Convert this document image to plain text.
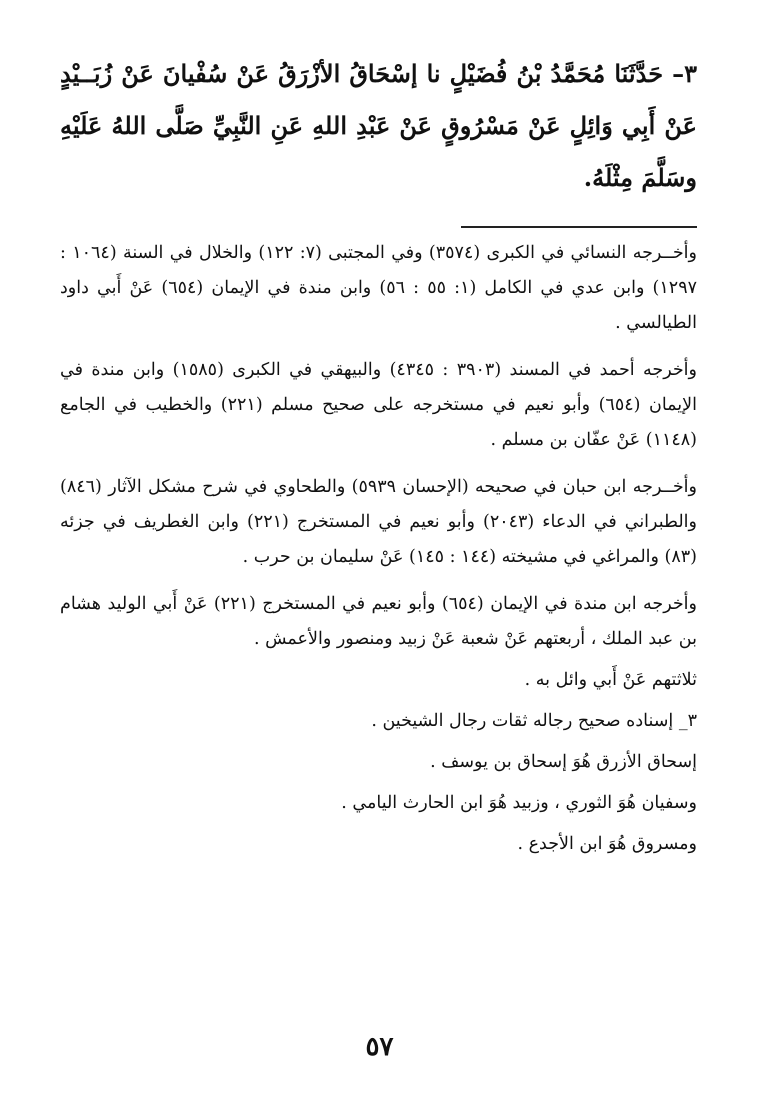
٣– حَدَّثَنَا مُحَمَّدُ بْنُ فُضَيْلٍ نا إسْحَاقُ الأزْرَقُ عَنْ سُفْيانَ عَنْ زُبَــيْدٍ عَنْ أَبِي وَائِلٍ عَنْ مَسْرُوقٍ عَنْ عَبْدِ اللهِ عَنِ النَّبِيِّ صَلَّى اللهُ عَلَيْهِ وسَلَّمَ مِثْلَهُ.

وأخــرجه النسائي في الكبرى (٣٥٧٤) وفي المجتبى (٧: ١٢٢) والخلال في السنة (١٠٦٤ : ١٢٩٧) وابن عدي في الكامل (١: ٥٥ : ٥٦) وابن مندة في الإيمان (٦٥٤) عَنْ أَبي داود الطيالسي .

وأخرجه أحمد في المسند (٣٩٠٣ : ٤٣٤٥) والبيهقي في الكبرى (١٥٨٥) وابن مندة في الإيمان (٦٥٤) وأبو نعيم في مستخرجه على صحيح مسلم (٢٢١) والخطيب في الجامع (١١٤٨) عَنْ عفّان بن مسلم .

وأخــرجه ابن حبان في صحيحه (الإحسان ٥٩٣٩) والطحاوي في شرح مشكل الآثار (٨٤٦) والطبراني في الدعاء (٢٠٤٣) وأبو نعيم في المستخرج (٢٢١) وابن الغطريف في جزئه (٨٣) والمراغي في مشيخته (١٤٤ : ١٤٥) عَنْ سليمان بن حرب .

وأخرجه ابن مندة في الإيمان (٦٥٤) وأبو نعيم في المستخرج (٢٢١) عَنْ أَبي الوليد هشام بن عبد الملك ، أربعتهم عَنْ شعبة عَنْ زبيد ومنصور والأعمش .

ثلاثتهم عَنْ أَبي وائل به .

٣_ إسناده صحيح رجاله ثقات رجال الشيخين .

إسحاق الأزرق هُوَ إسحاق بن يوسف .

وسفيان هُوَ الثوري ، وزبيد هُوَ ابن الحارث اليامي .

ومسروق هُوَ ابن الأجدع .

٥٧
